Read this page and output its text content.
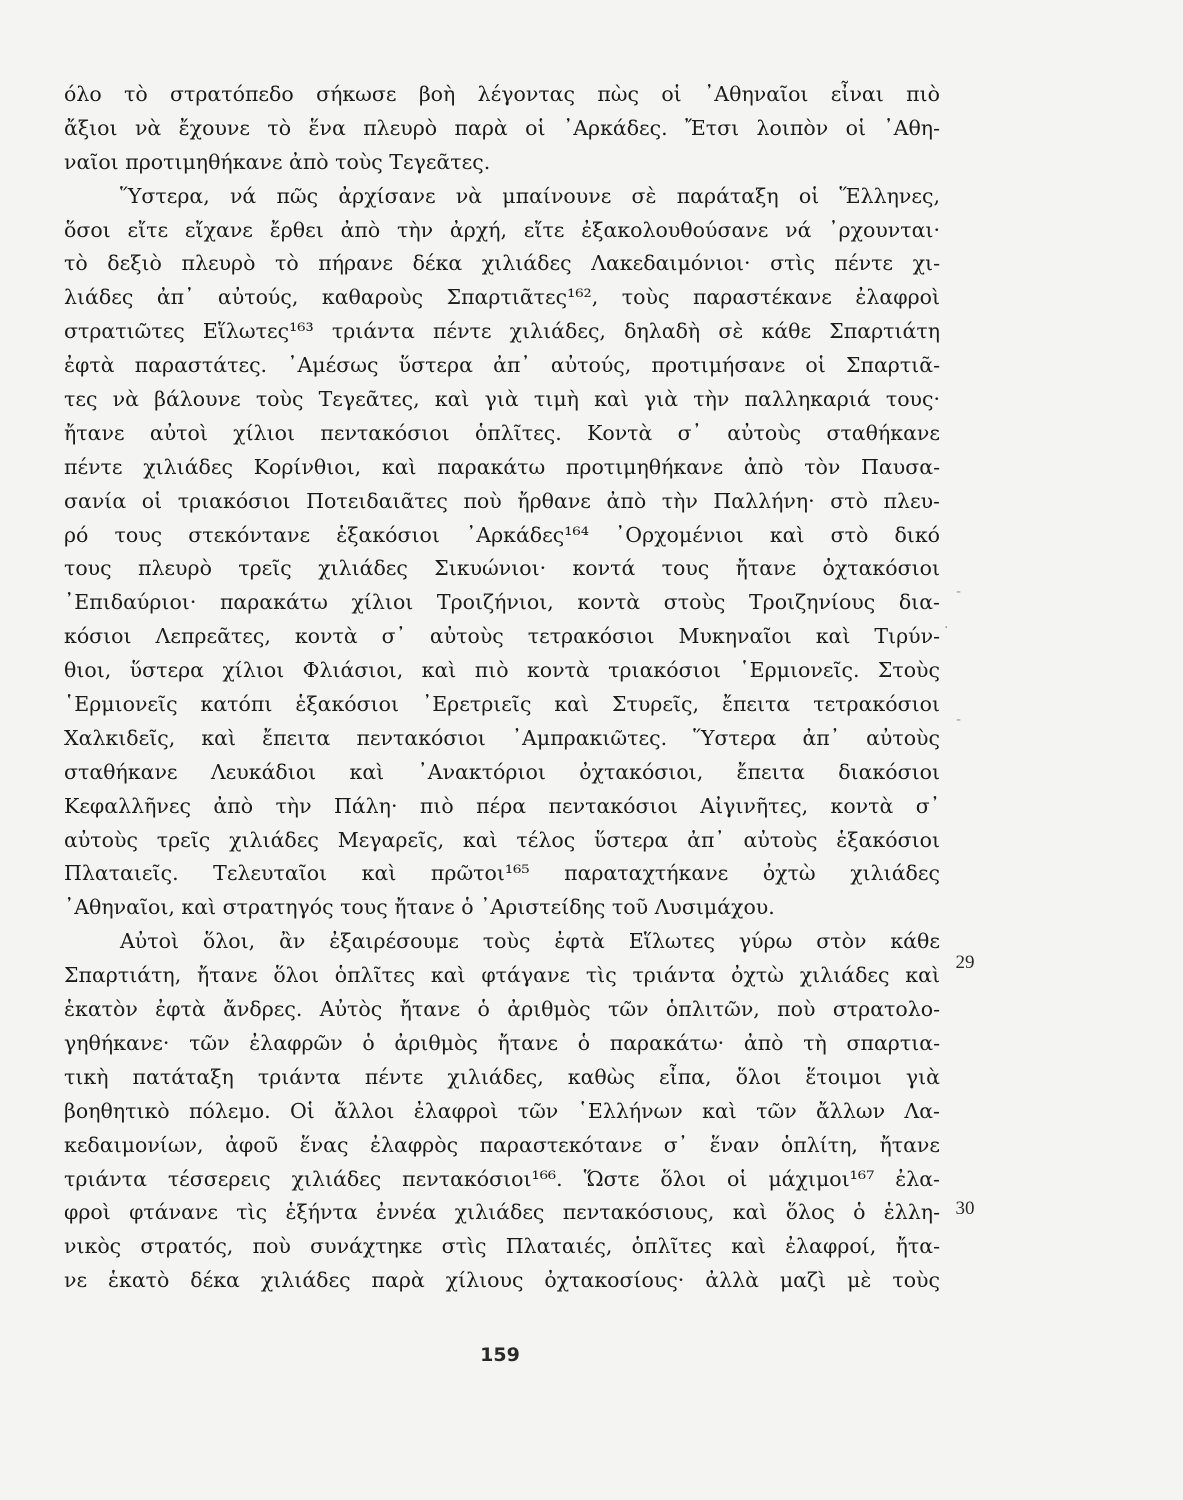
όλο τὸ στρατόπεδο σήκωσε βοὴ λέγοντας πὼς οἱ ᾿Αθηναῖοι εἶναι πιὸ
ἄξιοι νὰ ἔχουνε τὸ ἕνα πλευρὸ παρὰ οἱ ᾿Αρκάδες. Ἔτσι λοιπὸν οἱ ᾿Αθη-
ναῖοι προτιμηθήκανε ἀπὸ τοὺς Τεγεᾶτες.
Ὕστερα, νά πῶς ἀρχίσανε νὰ μπαίνουνε σὲ παράταξη οἱ Ἕλληνες,
ὅσοι εἴτε εἴχανε ἔρθει ἀπὸ τὴν ἀρχή, εἴτε ἐξακολουθούσανε νά ᾿ρχουνται·
τὸ δεξιὸ πλευρὸ τὸ πήρανε δέκα χιλιάδες Λακεδαιμόνιοι· στὶς πέντε χι-
λιάδες ἀπ᾿ αὐτούς, καθαροὺς Σπαρτιᾶτες¹⁶², τοὺς παραστέκανε ἐλαφροὶ
στρατιῶτες Εἵλωτες¹⁶³ τριάντα πέντε χιλιάδες, δηλαδὴ σὲ κάθε Σπαρτιάτη
ἐφτὰ παραστάτες. ᾿Αμέσως ὕστερα ἀπ᾿ αὐτούς, προτιμήσανε οἱ Σπαρτιᾶ-
τες νὰ βάλουνε τοὺς Τεγεᾶτες, καὶ γιὰ τιμὴ καὶ γιὰ τὴν παλληκαριά τους·
ἤτανε αὐτοὶ χίλιοι πεντακόσιοι ὁπλῖτες. Κοντὰ σ᾿ αὐτοὺς σταθήκανε
πέντε χιλιάδες Κορίνθιοι, καὶ παρακάτω προτιμηθήκανε ἀπὸ τὸν Παυσα-
σανία οἱ τριακόσιοι Ποτειδαιᾶτες ποὺ ἤρθανε ἀπὸ τὴν Παλλήνη· στὸ πλευ-
ρό τους στεκόντανε ἑξακόσιοι ᾿Αρκάδες¹⁶⁴ ᾿Ορχομένιοι καὶ στὸ δικό
τους πλευρὸ τρεῖς χιλιάδες Σικυώνιοι· κοντά τους ἤτανε ὀχτακόσιοι
᾿Επιδαύριοι· παρακάτω χίλιοι Τροιζήνιοι, κοντὰ στοὺς Τροιζηνίους δια-
κόσιοι Λεπρεᾶτες, κοντὰ σ᾿ αὐτοὺς τετρακόσιοι Μυκηναῖοι καὶ Τιρύν-
θιοι, ὕστερα χίλιοι Φλιάσιοι, καὶ πιὸ κοντὰ τριακόσιοι ῾Ερμιονεῖς. Στοὺς
῾Ερμιονεῖς κατόπι ἑξακόσιοι ᾿Ερετριεῖς καὶ Στυρεῖς, ἔπειτα τετρακόσιοι
Χαλκιδεῖς, καὶ ἔπειτα πεντακόσιοι ᾿Αμπρακιῶτες. Ὕστερα ἀπ᾿ αὐτοὺς
σταθήκανε Λευκάδιοι καὶ ᾿Ανακτόριοι ὀχτακόσιοι, ἔπειτα διακόσιοι
Κεφαλλῆνες ἀπὸ τὴν Πάλη· πιὸ πέρα πεντακόσιοι Αἰγινῆτες, κοντὰ σ᾿
αὐτοὺς τρεῖς χιλιάδες Μεγαρεῖς, καὶ τέλος ὕστερα ἀπ᾿ αὐτοὺς ἑξακόσιοι
Πλαταιεῖς. Τελευταῖοι καὶ πρῶτοι¹⁶⁵ παραταχτήκανε ὀχτὼ χιλιάδες
᾿Αθηναῖοι, καὶ στρατηγός τους ἤτανε ὁ ᾿Αριστείδης τοῦ Λυσιμάχου.
Αὐτοὶ ὅλοι, ἂν ἐξαιρέσουμε τοὺς ἐφτὰ Εἵλωτες γύρω στὸν κάθε
Σπαρτιάτη, ἤτανε ὅλοι ὁπλῖτες καὶ φτάγανε τὶς τριάντα ὀχτὼ χιλιάδες καὶ
ἑκατὸν ἐφτὰ ἄνδρες. Αὐτὸς ἤτανε ὁ ἀριθμὸς τῶν ὁπλιτῶν, ποὺ στρατολο-
γηθήκανε· τῶν ἐλαφρῶν ὁ ἀριθμὸς ἤτανε ὁ παρακάτω· ἀπὸ τὴ σπαρτια-
τικὴ πατάταξη τριάντα πέντε χιλιάδες, καθὼς εἶπα, ὅλοι ἕτοιμοι γιὰ
βοηθητικὸ πόλεμο. Οἱ ἄλλοι ἐλαφροὶ τῶν ῾Ελλήνων καὶ τῶν ἄλλων Λα-
κεδαιμονίων, ἀφοῦ ἕνας ἐλαφρὸς παραστεκότανε σ᾿ ἕναν ὁπλίτη, ἤτανε
τριάντα τέσσερεις χιλιάδες πεντακόσιοι¹⁶⁶. Ὥστε ὅλοι οἱ μάχιμοι¹⁶⁷ ἐλα-
φροὶ φτάνανε τὶς ἑξήντα ἐννέα χιλιάδες πεντακόσιους, καὶ ὅλος ὁ ἑλλη-
νικὸς στρατός, ποὺ συνάχτηκε στὶς Πλαταιές, ὁπλῖτες καὶ ἐλαφροί, ἤτα-
νε ἑκατὸ δέκα χιλιάδες παρὰ χίλιους ὀχτακοσίους· ἀλλὰ μαζὶ μὲ τοὺς
29
30
-
·
-
159
